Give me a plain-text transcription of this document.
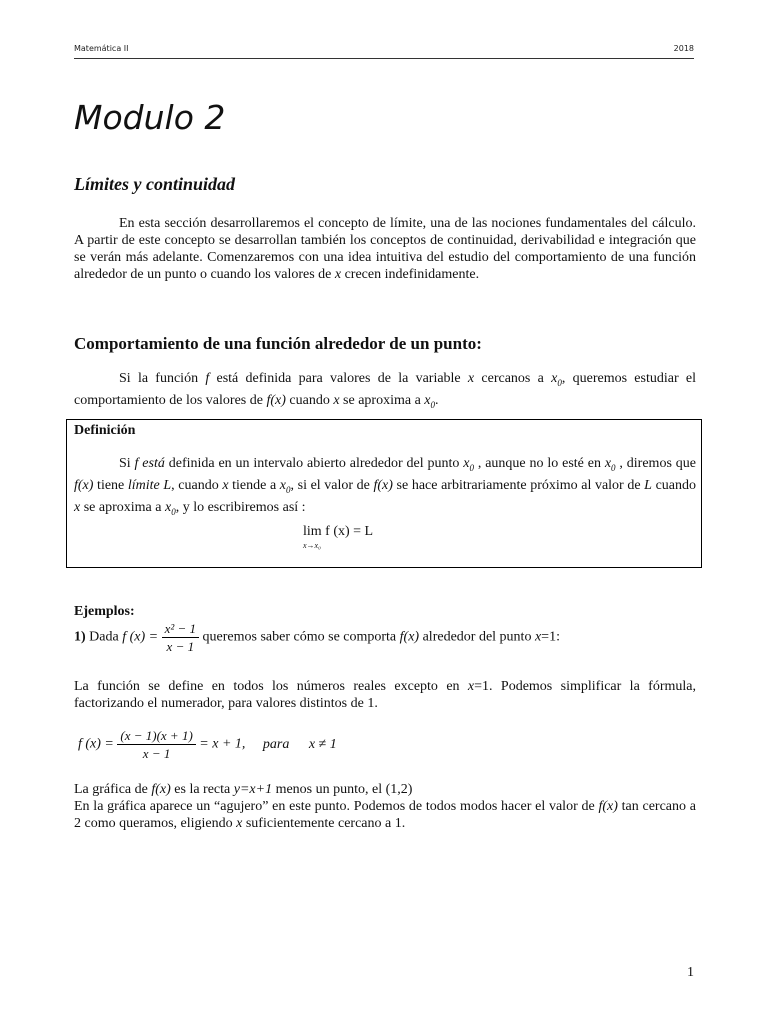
Matemática II	2018
Modulo 2
Límites y continuidad
En esta sección desarrollaremos el concepto de límite, una de las nociones fundamentales del cálculo. A partir de este concepto se desarrollan también los conceptos de continuidad, derivabilidad e integración que se verán más adelante. Comenzaremos con una idea intuitiva del estudio del comportamiento de una función alrededor de un punto o cuando los valores de x crecen indefinidamente.
Comportamiento de una función alrededor de un punto:
Si la función f está definida para valores de la variable x cercanos a $x_0$, queremos estudiar el comportamiento de los valores de f(x) cuando x se aproxima a $x_0$.
Definición
Si f está definida en un intervalo abierto alrededor del punto $x_0$ , aunque no lo esté en $x_0$ , diremos que f(x) tiene límite L, cuando x tiende a $x_0$, si el valor de f(x) se hace arbitrariamente próximo al valor de L cuando x se aproxima a $x_0$, y lo escribiremos así :
lim f (x) = L
x→x₀
Ejemplos:
1) Dada f $(x) = \frac{\text{x² − 1}}{x - 1}$ queremos saber cómo se comporta f(x) alrededor del punto x=1:
La función se define en todos los números reales excepto en x=1. Podemos simplificar la fórmula, factorizando el numerador, para valores distintos de 1.
f $(x) = \frac{(x - 1)(x + 1)}{x - 1} = x + 1$, para x ≠ 1
La gráfica de f(x) es la recta y=x+1 menos un punto, el (1,2)
En la gráfica aparece un “agujero” en este punto. Podemos de todos modos hacer el valor de f(x) tan cercano a 2 como queramos, eligiendo x suficientemente cercano a 1.
1
